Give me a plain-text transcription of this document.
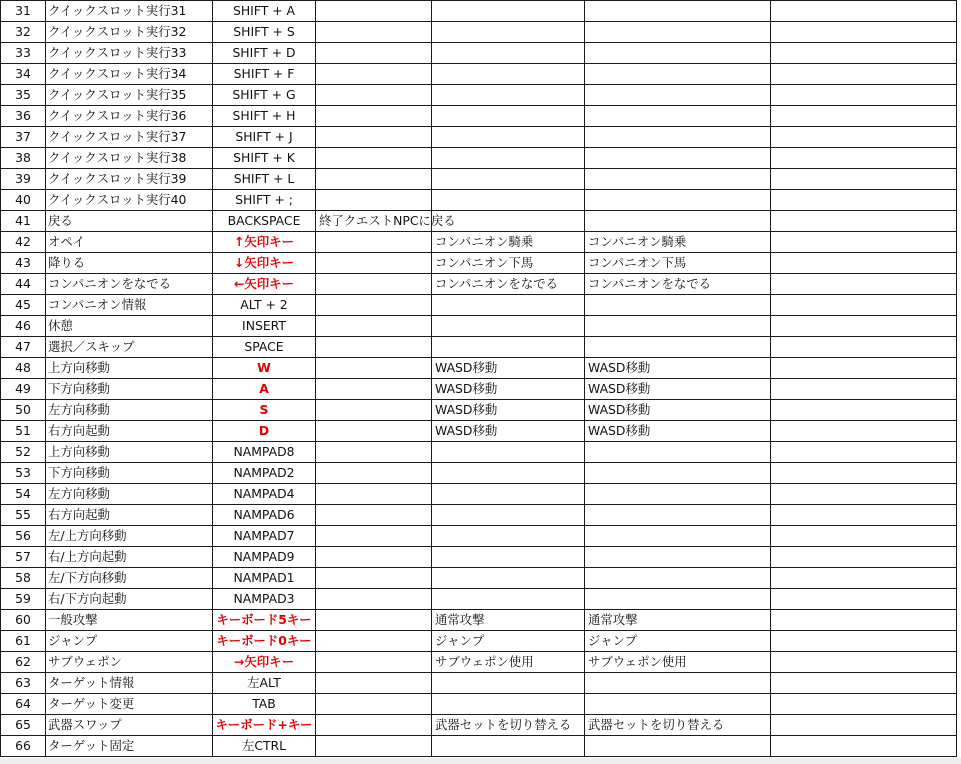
31	クイックスロット実行31	SHIFT + A				
32	クイックスロット実行32	SHIFT + S				
33	クイックスロット実行33	SHIFT + D				
34	クイックスロット実行34	SHIFT + F				
35	クイックスロット実行35	SHIFT + G				
36	クイックスロット実行36	SHIFT + H				
37	クイックスロット実行37	SHIFT + J				
38	クイックスロット実行38	SHIFT + K				
39	クイックスロット実行39	SHIFT + L				
40	クイックスロット実行40	SHIFT + ;				
41	戻る	BACKSPACE	終了クエストNPCに戻る			
42	オペイ	↑矢印キー		コンパニオン騎乗	コンパニオン騎乗	
43	降りる	↓矢印キー		コンパニオン下馬	コンパニオン下馬	
44	コンパニオンをなでる	←矢印キー		コンパニオンをなでる	コンパニオンをなでる	
45	コンパニオン情報	ALT + 2				
46	休憩	INSERT				
47	選択／スキップ	SPACE				
48	上方向移動	W		WASD移動	WASD移動	
49	下方向移動	A		WASD移動	WASD移動	
50	左方向移動	S		WASD移動	WASD移動	
51	右方向起動	D		WASD移動	WASD移動	
52	上方向移動	NAMPAD8				
53	下方向移動	NAMPAD2				
54	左方向移動	NAMPAD4				
55	右方向起動	NAMPAD6				
56	左/上方向移動	NAMPAD7				
57	右/上方向起動	NAMPAD9				
58	左/下方向移動	NAMPAD1				
59	右/下方向起動	NAMPAD3				
60	一般攻撃	キーボード5キー		通常攻撃	通常攻撃	
61	ジャンプ	キーボード0キー		ジャンプ	ジャンプ	
62	サブウェポン	→矢印キー		サブウェポン使用	サブウェポン使用	
63	ターゲット情報	左ALT				
64	ターゲット変更	TAB				
65	武器スワップ	キーボード+キー		武器セットを切り替える	武器セットを切り替える	
66	ターゲット固定	左CTRL				
